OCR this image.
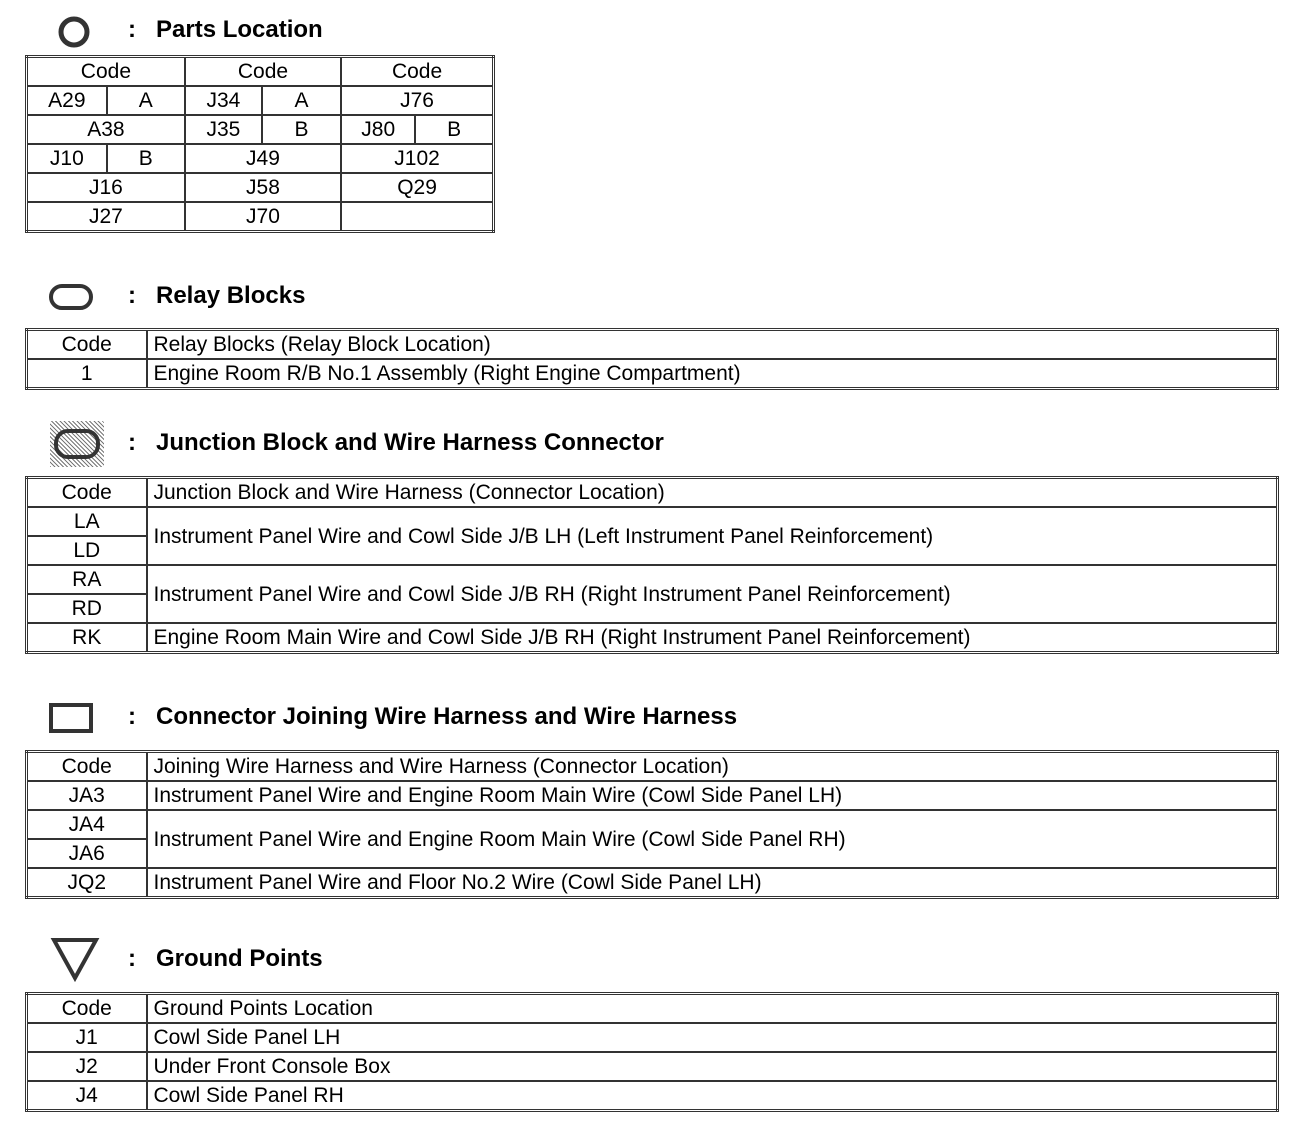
: Parts Location
Code		Code		Code	
A29	A	J34	A	J76	
A38		J35	B	J80	B
J10	B	J49		J102	
J16		J58		Q29	
J27		J70			
: Relay Blocks
Code	Relay Blocks (Relay Block Location)
1	Engine Room R/B No.1 Assembly (Right Engine Compartment)
: Junction Block and Wire Harness Connector
Code	Junction Block and Wire Harness (Connector Location)
LA	Instrument Panel Wire and Cowl Side J/B LH (Left Instrument Panel Reinforcement)
LD	
RA	Instrument Panel Wire and Cowl Side J/B RH (Right Instrument Panel Reinforcement)
RD	
RK	Engine Room Main Wire and Cowl Side J/B RH (Right Instrument Panel Reinforcement)
: Connector Joining Wire Harness and Wire Harness
Code	Joining Wire Harness and Wire Harness (Connector Location)
JA3	Instrument Panel Wire and Engine Room Main Wire (Cowl Side Panel LH)
JA4	Instrument Panel Wire and Engine Room Main Wire (Cowl Side Panel RH)
JA6	
JQ2	Instrument Panel Wire and Floor No.2 Wire (Cowl Side Panel LH)
: Ground Points
Code	Ground Points Location
J1	Cowl Side Panel LH
J2	Under Front Console Box
J4	Cowl Side Panel RH
